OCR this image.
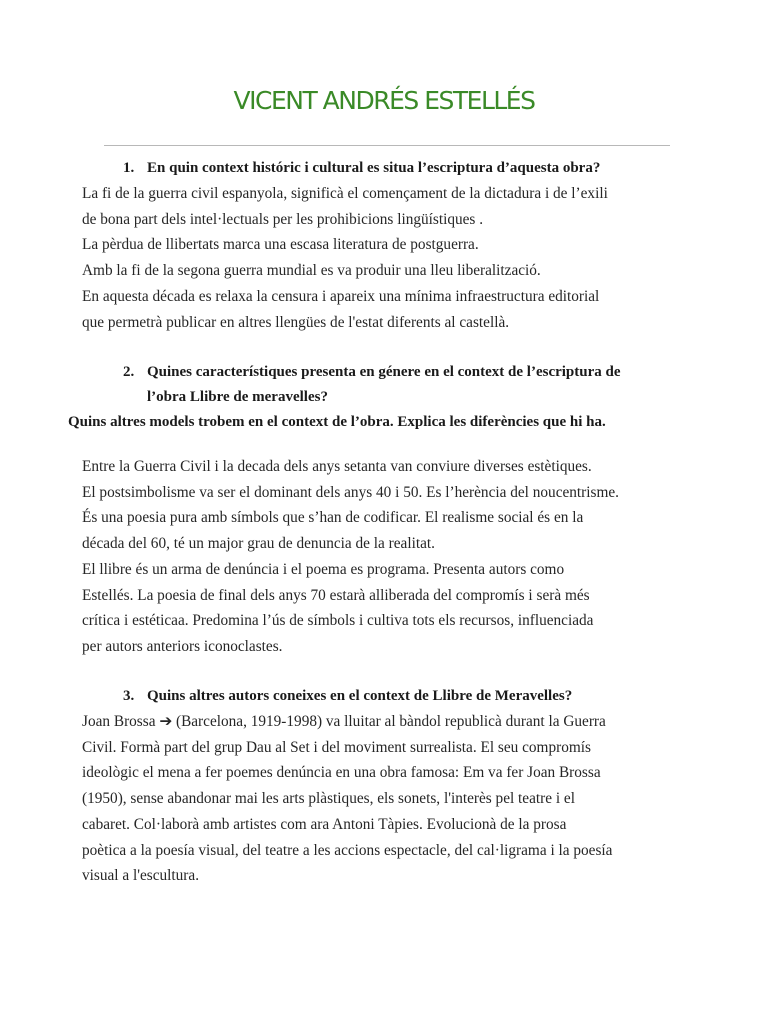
VICENT ANDRÉS ESTELLÉS
1. En quin context históric i cultural es situa l’escriptura d’aquesta obra?
La fi de la guerra civil espanyola, significà el començament de la dictadura i de l’exili
de bona part dels intel·lectuals per les prohibicions lingüístiques .
La pèrdua de llibertats marca una escasa literatura de postguerra.
Amb la fi de la segona guerra mundial es va produir una lleu liberalització.
En aquesta década es relaxa la censura i apareix una mínima infraestructura editorial
que permetrà publicar en altres llengües de l'estat diferents al castellà.
2. Quines característiques presenta en génere en el context de l’escriptura de
l’obra Llibre de meravelles?
Quins altres models trobem en el context de l’obra. Explica les diferències que hi ha.
Entre la Guerra Civil i la decada dels anys setanta van conviure diverses estètiques.
El postsimbolisme va ser el dominant dels anys 40 i 50. Es l’herència del noucentrisme.
És una poesia pura amb símbols que s’han de codificar. El realisme social és en la
década del 60, té un major grau de denuncia de la realitat.
El llibre és un arma de denúncia i el poema es programa. Presenta autors como
Estellés. La poesia de final dels anys 70 estarà alliberada del compromís i serà més
crítica i estéticaa. Predomina l’ús de símbols i cultiva tots els recursos, influenciada
per autors anteriors iconoclastes.
3. Quins altres autors coneixes en el context de Llibre de Meravelles?
Joan Brossa ➔ (Barcelona, 1919-1998) va lluitar al bàndol republicà durant la Guerra
Civil. Formà part del grup Dau al Set i del moviment surrealista. El seu compromís
ideològic el mena a fer poemes denúncia en una obra famosa: Em va fer Joan Brossa
(1950), sense abandonar mai les arts plàstiques, els sonets, l'interès pel teatre i el
cabaret. Col·laborà amb artistes com ara Antoni Tàpies. Evolucionà de la prosa
poètica a la poesía visual, del teatre a les accions espectacle, del cal·ligrama i la poesía
visual a l'escultura.
